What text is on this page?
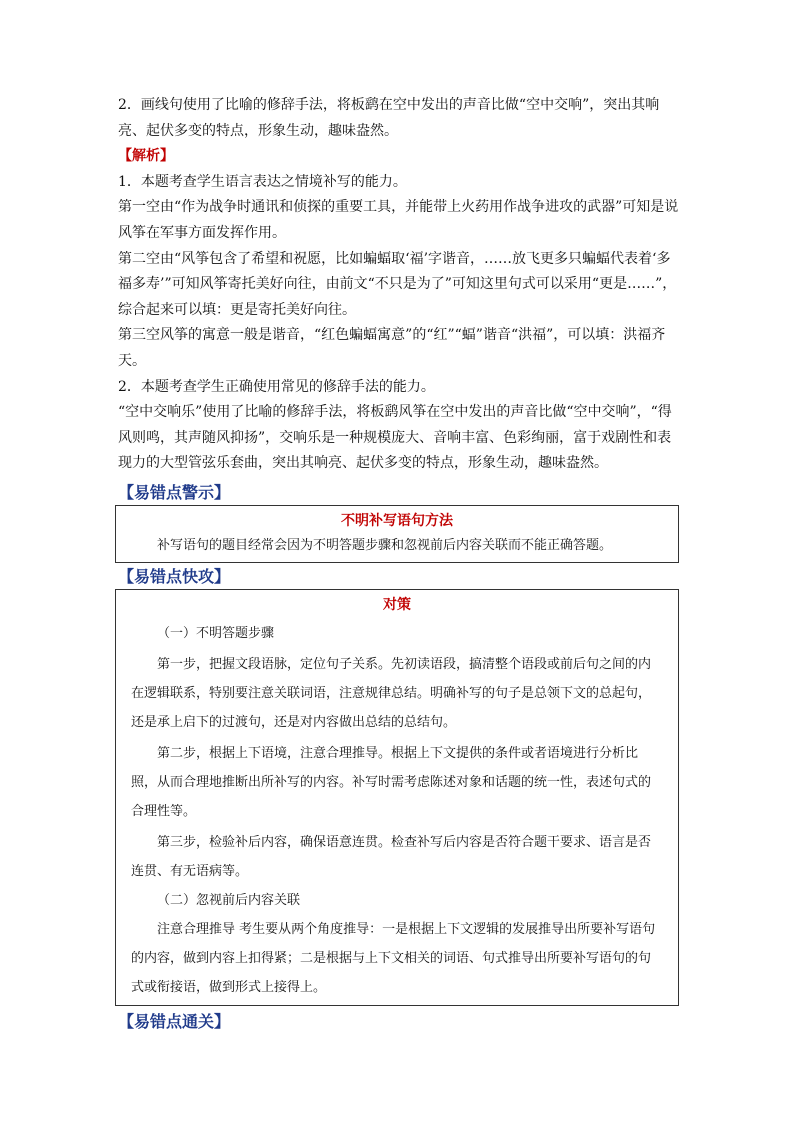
2．画线句使用了比喻的修辞手法，将板鹞在空中发出的声音比做“空中交响”，突出其响亮、起伏多变的特点，形象生动，趣味盎然。

【解析】

1．本题考查学生语言表达之情境补写的能力。

第一空由“作为战争时通讯和侦探的重要工具，并能带上火药用作战争进攻的武器”可知是说风筝在军事方面发挥作用。

第二空由“风筝包含了希望和祝愿，比如蝙蝠取‘福’字谐音，……放飞更多只蝙蝠代表着‘多福多寿’”可知风筝寄托美好向往，由前文“不只是为了”可知这里句式可以采用“更是……”，综合起来可以填：更是寄托美好向往。

第三空风筝的寓意一般是谐音，“红色蝙蝠寓意”的“红”“蝠”谐音“洪福”，可以填：洪福齐天。

2．本题考查学生正确使用常见的修辞手法的能力。

“空中交响乐”使用了比喻的修辞手法，将板鹞风筝在空中发出的声音比做“空中交响”，“得风则鸣，其声随风抑扬”，交响乐是一种规模庞大、音响丰富、色彩绚丽，富于戏剧性和表现力的大型管弦乐套曲，突出其响亮、起伏多变的特点，形象生动，趣味盎然。

【易错点警示】

不明补写语句方法

补写语句的题目经常会因为不明答题步骤和忽视前后内容关联而不能正确答题。

【易错点快攻】

对策

（一）不明答题步骤

第一步，把握文段语脉，定位句子关系。先初读语段，搞清整个语段或前后句之间的内在逻辑联系，特别要注意关联词语，注意规律总结。明确补写的句子是总领下文的总起句，还是承上启下的过渡句，还是对内容做出总结的总结句。

第二步，根据上下语境，注意合理推导。根据上下文提供的条件或者语境进行分析比照，从而合理地推断出所补写的内容。补写时需考虑陈述对象和话题的统一性，表述句式的合理性等。

第三步，检验补后内容，确保语意连贯。检查补写后内容是否符合题干要求、语言是否连贯、有无语病等。

（二）忽视前后内容关联

注意合理推导 考生要从两个角度推导：一是根据上下文逻辑的发展推导出所要补写语句的内容，做到内容上扣得紧；二是根据与上下文相关的词语、句式推导出所要补写语句的句式或衔接语，做到形式上接得上。

【易错点通关】
